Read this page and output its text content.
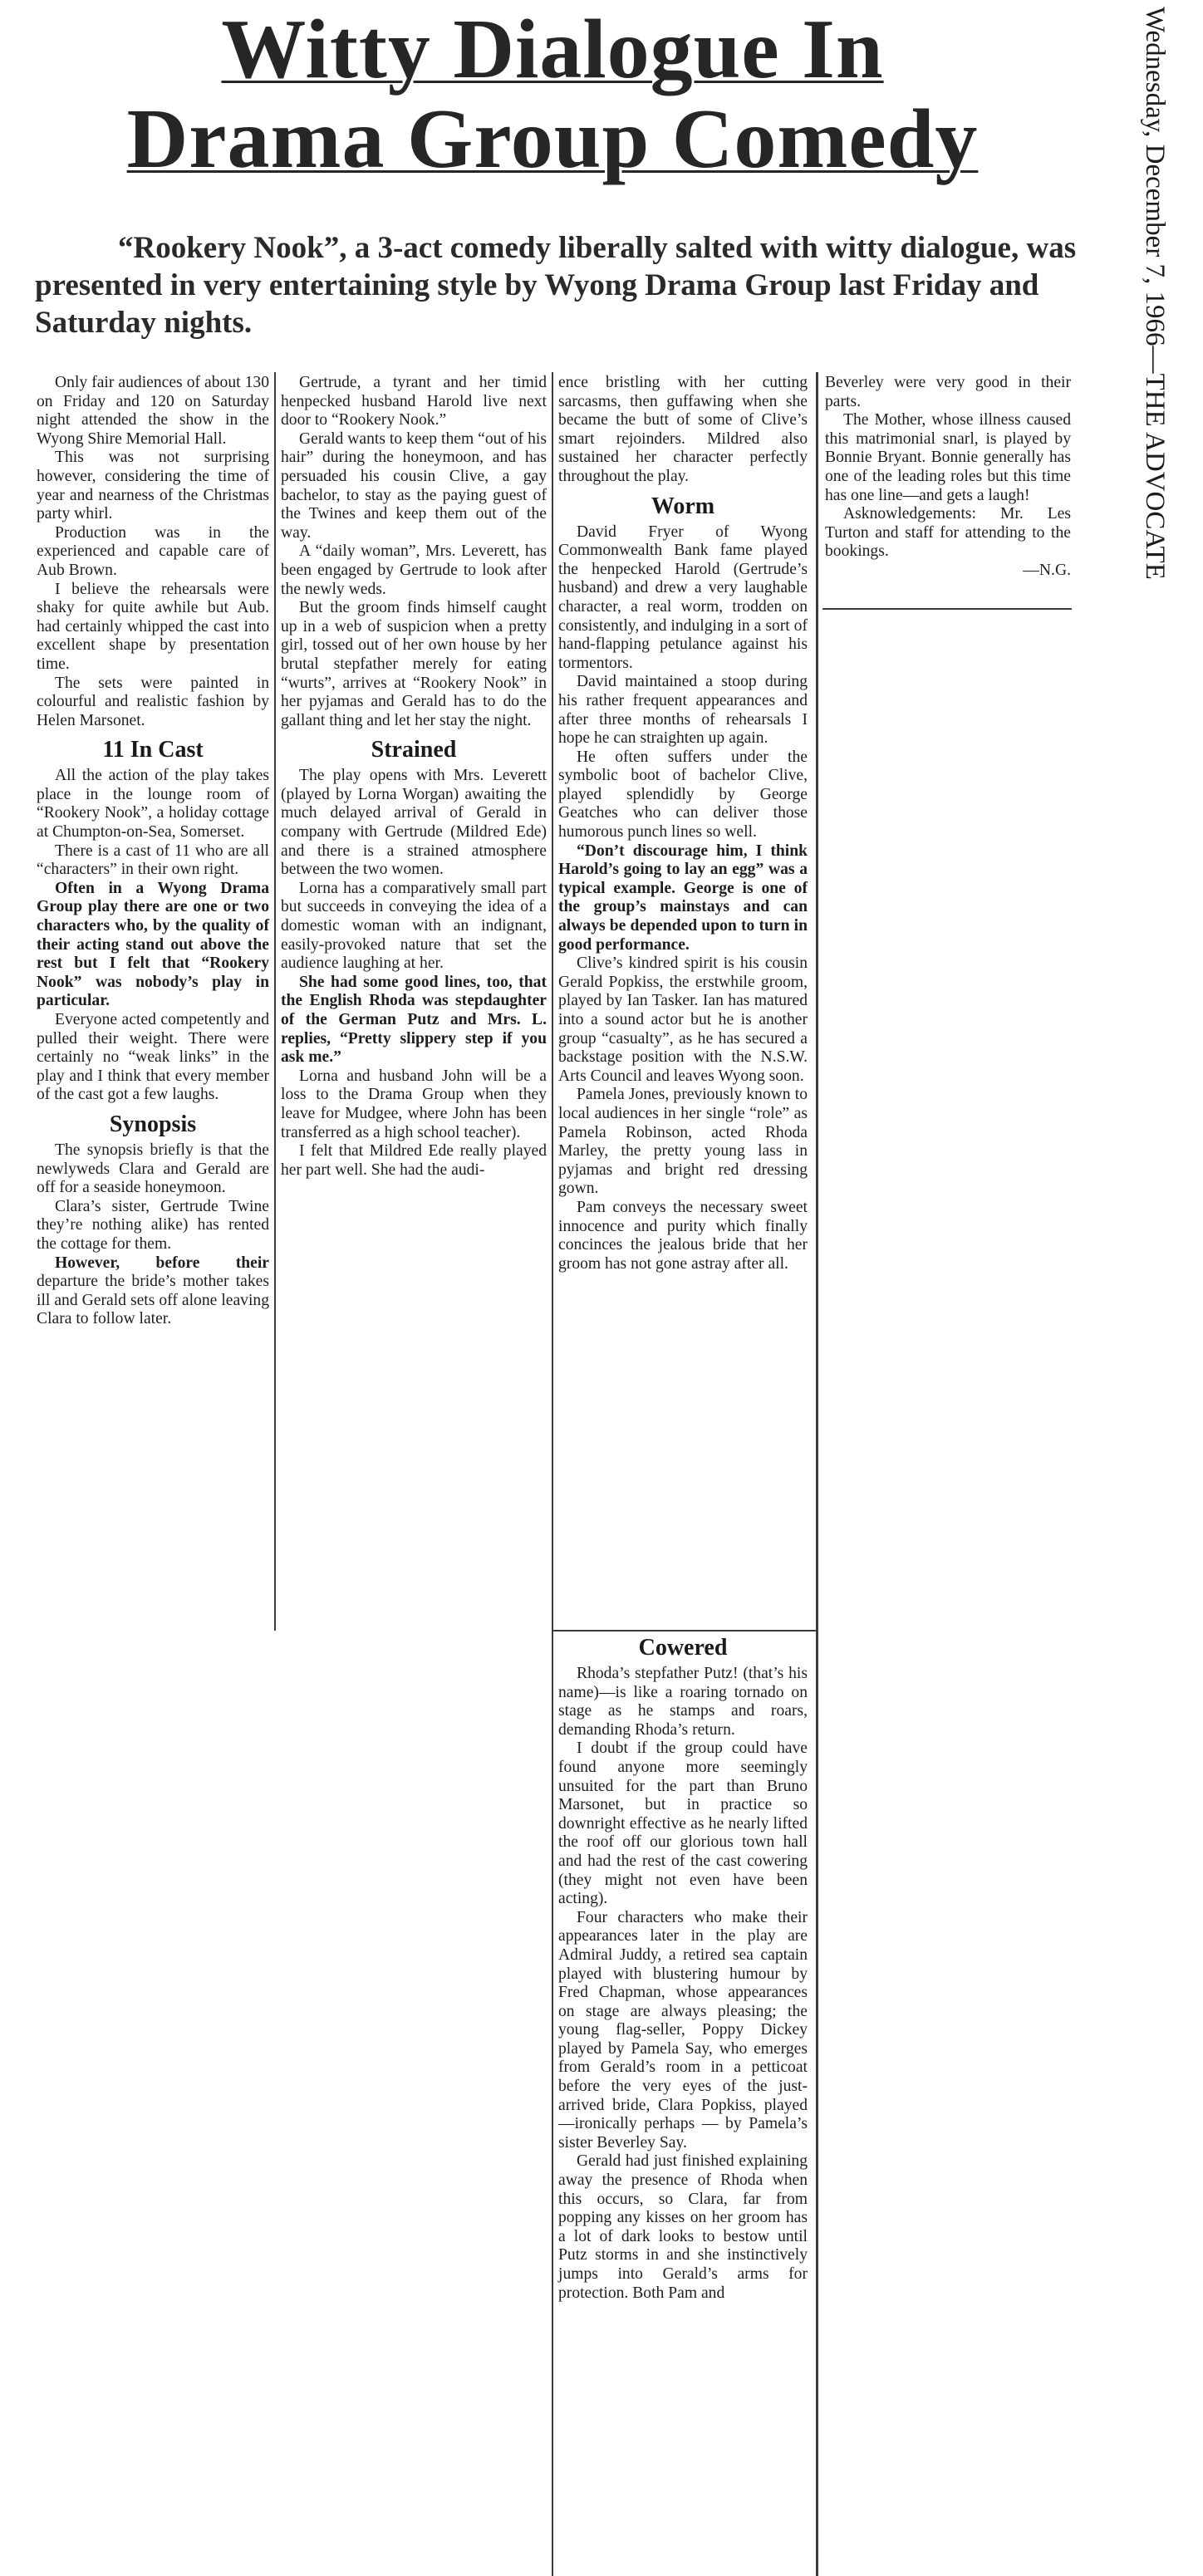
Witty Dialogue In
Drama Group Comedy	Wednesday, December 7, 1966—THE ADVOCATE

“Rookery Nook”, a 3-act comedy liberally salted with witty dialogue, was presented in very entertaining style by Wyong Drama Group last Friday and Saturday nights.

Only fair audiences of about 130 on Friday and 120 on Saturday night attended the show in the Wyong Shire Memorial Hall.

This was not surprising however, considering the time of year and nearness of the Christmas party whirl.

Production was in the experienced and capable care of Aub Brown.

I believe the rehearsals were shaky for quite awhile but Aub. had certainly whipped the cast into excellent shape by presentation time.

The sets were painted in colourful and realistic fashion by Helen Marsonet.

11 In Cast

All the action of the play takes place in the lounge room of “Rookery Nook”, a holiday cottage at Chumpton-on-Sea, Somerset.

There is a cast of 11 who are all “characters” in their own right.

Often in a Wyong Drama Group play there are one or two characters who, by the quality of their acting stand out above the rest but I felt that “Rookery Nook” was nobody’s play in particular.

Everyone acted competently and pulled their weight. There were certainly no “weak links” in the play and I think that every member of the cast got a few laughs.

Synopsis

The synopsis briefly is that the newlyweds Clara and Gerald are off for a seaside honeymoon.

Clara’s sister, Gertrude Twine they’re nothing alike) has rented the cottage for them.

However, before their departure the bride’s mother takes ill and Gerald sets off alone leaving Clara to follow later.

Gertrude, a tyrant and her timid henpecked husband Harold live next door to “Rookery Nook.”

Gerald wants to keep them “out of his hair” during the honeymoon, and has persuaded his cousin Clive, a gay bachelor, to stay as the paying guest of the Twines and keep them out of the way.

A “daily woman”, Mrs. Leverett, has been engaged by Gertrude to look after the newly weds.

But the groom finds himself caught up in a web of suspicion when a pretty girl, tossed out of her own house by her brutal stepfather merely for eating “wurts”, arrives at “Rookery Nook” in her pyjamas and Gerald has to do the gallant thing and let her stay the night.

Strained

The play opens with Mrs. Leverett (played by Lorna Worgan) awaiting the much delayed arrival of Gerald in company with Gertrude (Mildred Ede) and there is a strained atmosphere between the two women.

Lorna has a comparatively small part but succeeds in conveying the idea of a domestic woman with an indignant, easily-provoked nature that set the audience laughing at her.

She had some good lines, too, that the English Rhoda was stepdaughter of the German Putz and Mrs. L. replies, “Pretty slippery step if you ask me.”

Lorna and husband John will be a loss to the Drama Group when they leave for Mudgee, where John has been transferred as a high school teacher).

I felt that Mildred Ede really played her part well. She had the audi-

ence bristling with her cutting sarcasms, then guffawing when she became the butt of some of Clive’s smart rejoinders. Mildred also sustained her character perfectly throughout the play.

Worm

David Fryer of Wyong Commonwealth Bank fame played the henpecked Harold (Gertrude’s husband) and drew a very laughable character, a real worm, trodden on consistently, and indulging in a sort of hand-flapping petulance against his tormentors.

David maintained a stoop during his rather frequent appearances and after three months of rehearsals I hope he can straighten up again.

He often suffers under the symbolic boot of bachelor Clive, played splendidly by George Geatches who can deliver those humorous punch lines so well.

“Don’t discourage him, I think Harold’s going to lay an egg” was a typical example. George is one of the group’s mainstays and can always be depended upon to turn in good performance.

Clive’s kindred spirit is his cousin Gerald Popkiss, the erstwhile groom, played by Ian Tasker. Ian has matured into a sound actor but he is another group “casualty”, as he has secured a backstage position with the N.S.W. Arts Council and leaves Wyong soon.

Pamela Jones, previously known to local audiences in her single “role” as Pamela Robinson, acted Rhoda Marley, the pretty young lass in pyjamas and bright red dressing gown.

Pam conveys the necessary sweet innocence and purity which finally concinces the jealous bride that her groom has not gone astray after all.

Beverley were very good in their parts.

The Mother, whose illness caused this matrimonial snarl, is played by Bonnie Bryant. Bonnie generally has one of the leading roles but this time has one line—and gets a laugh!

Asknowledgements: Mr. Les Turton and staff for attending to the bookings.

—N.G.

Cowered

Rhoda’s stepfather Putz! (that’s his name)—is like a roaring tornado on stage as he stamps and roars, demanding Rhoda’s return.

I doubt if the group could have found anyone more seemingly unsuited for the part than Bruno Marsonet, but in practice so downright effective as he nearly lifted the roof off our glorious town hall and had the rest of the cast cowering (they might not even have been acting).

Four characters who make their appearances later in the play are Admiral Juddy, a retired sea captain played with blustering humour by Fred Chapman, whose appearances on stage are always pleasing; the young flag-seller, Poppy Dickey played by Pamela Say, who emerges from Gerald’s room in a petticoat before the very eyes of the just-arrived bride, Clara Popkiss, played—ironically perhaps — by Pamela’s sister Beverley Say.

Gerald had just finished explaining away the presence of Rhoda when this occurs, so Clara, far from popping any kisses on her groom has a lot of dark looks to bestow until Putz storms in and she instinctively jumps into Gerald’s arms for protection. Both Pam and
